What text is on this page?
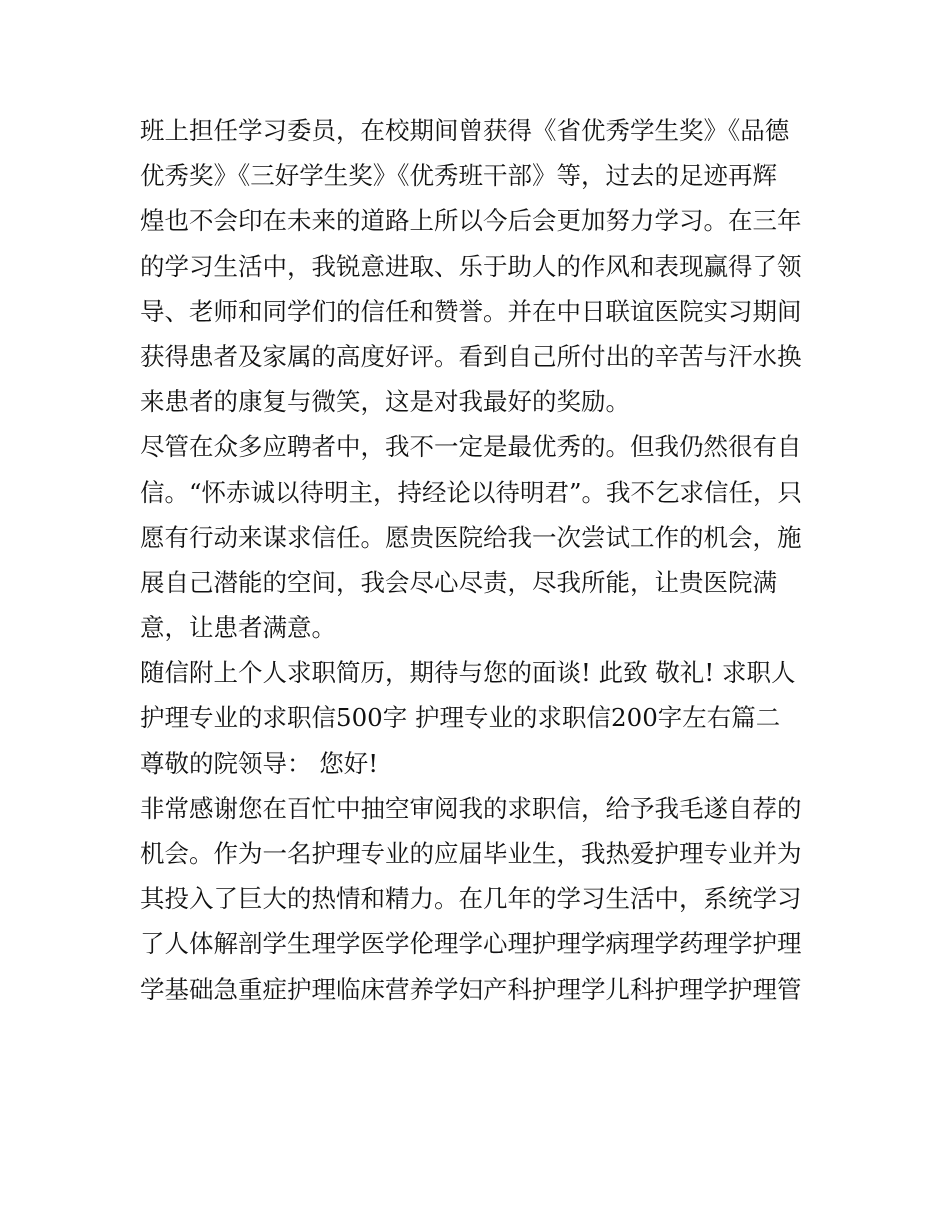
班上担任学习委员，在校期间曾获得《省优秀学生奖》《品德
优秀奖》《三好学生奖》《优秀班干部》等，过去的足迹再辉
煌也不会印在未来的道路上所以今后会更加努力学习。在三年
的学习生活中，我锐意进取、乐于助人的作风和表现赢得了领
导、老师和同学们的信任和赞誉。并在中日联谊医院实习期间
获得患者及家属的高度好评。看到自己所付出的辛苦与汗水换
来患者的康复与微笑，这是对我最好的奖励。
尽管在众多应聘者中，我不一定是最优秀的。但我仍然很有自
信。“怀赤诚以待明主，持经论以待明君”。我不乞求信任，只
愿有行动来谋求信任。愿贵医院给我一次尝试工作的机会，施
展自己潜能的空间，我会尽心尽责，尽我所能，让贵医院满
意，让患者满意。
随信附上个人求职简历，期待与您的面谈! 此致 敬礼! 求职人
护理专业的求职信500字 护理专业的求职信200字左右篇二
尊敬的院领导： 您好!
非常感谢您在百忙中抽空审阅我的求职信，给予我毛遂自荐的
机会。作为一名护理专业的应届毕业生，我热爱护理专业并为
其投入了巨大的热情和精力。在几年的学习生活中，系统学习
了人体解剖学生理学医学伦理学心理护理学病理学药理学护理
学基础急重症护理临床营养学妇产科护理学儿科护理学护理管
